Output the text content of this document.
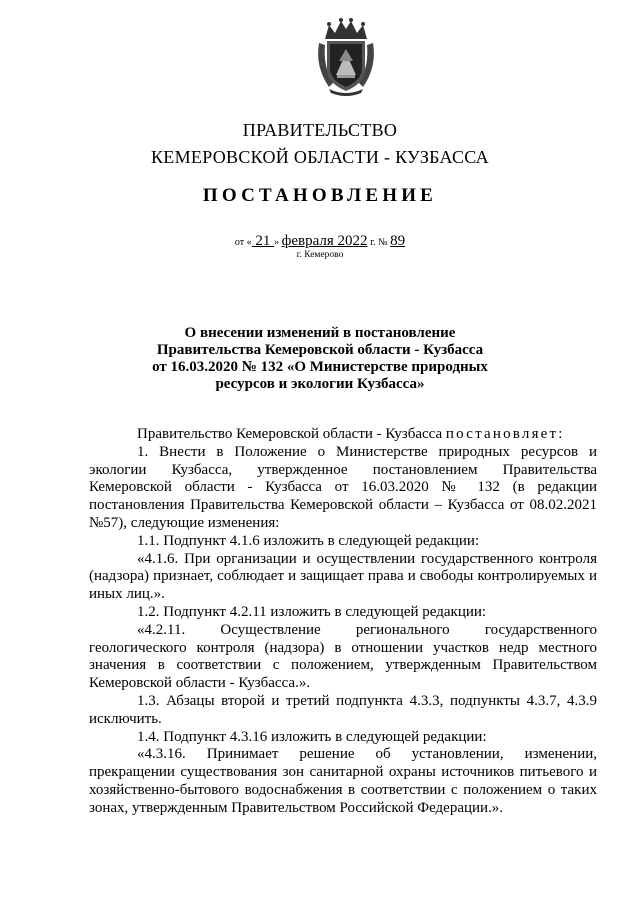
ПРАВИТЕЛЬСТВО
КЕМЕРОВСКОЙ ОБЛАСТИ - КУЗБАССА
ПОСТАНОВЛЕНИЕ
от « 21 » февраля 2022 г. № 89
г. Кемерово
О внесении изменений в постановление
Правительства Кемеровской области - Кузбасса
от 16.03.2020 № 132 «О Министерстве природных
ресурсов и экологии Кузбасса»

Правительство Кемеровской области - Кузбасса постановляет:

1. Внести в Положение о Министерстве природных ресурсов и экологии Кузбасса, утвержденное постановлением Правительства Кемеровской области - Кузбасса от 16.03.2020 № 132 (в редакции постановления Правительства Кемеровской области – Кузбасса от 08.02.2021 №57), следующие изменения:

1.1. Подпункт 4.1.6 изложить в следующей редакции:

«4.1.6. При организации и осуществлении государственного контроля (надзора) признает, соблюдает и защищает права и свободы контролируемых и иных лиц.».

1.2. Подпункт 4.2.11 изложить в следующей редакции:

«4.2.11. Осуществление регионального государственного геологического контроля (надзора) в отношении участков недр местного значения в соответствии с положением, утвержденным Правительством Кемеровской области - Кузбасса.».

1.3. Абзацы второй и третий подпункта 4.3.3, подпункты 4.3.7, 4.3.9 исключить.

1.4. Подпункт 4.3.16 изложить в следующей редакции:

«4.3.16. Принимает решение об установлении, изменении, прекращении существования зон санитарной охраны источников питьевого и хозяйственно-бытового водоснабжения в соответствии с положением о таких зонах, утвержденным Правительством Российской Федерации.».
